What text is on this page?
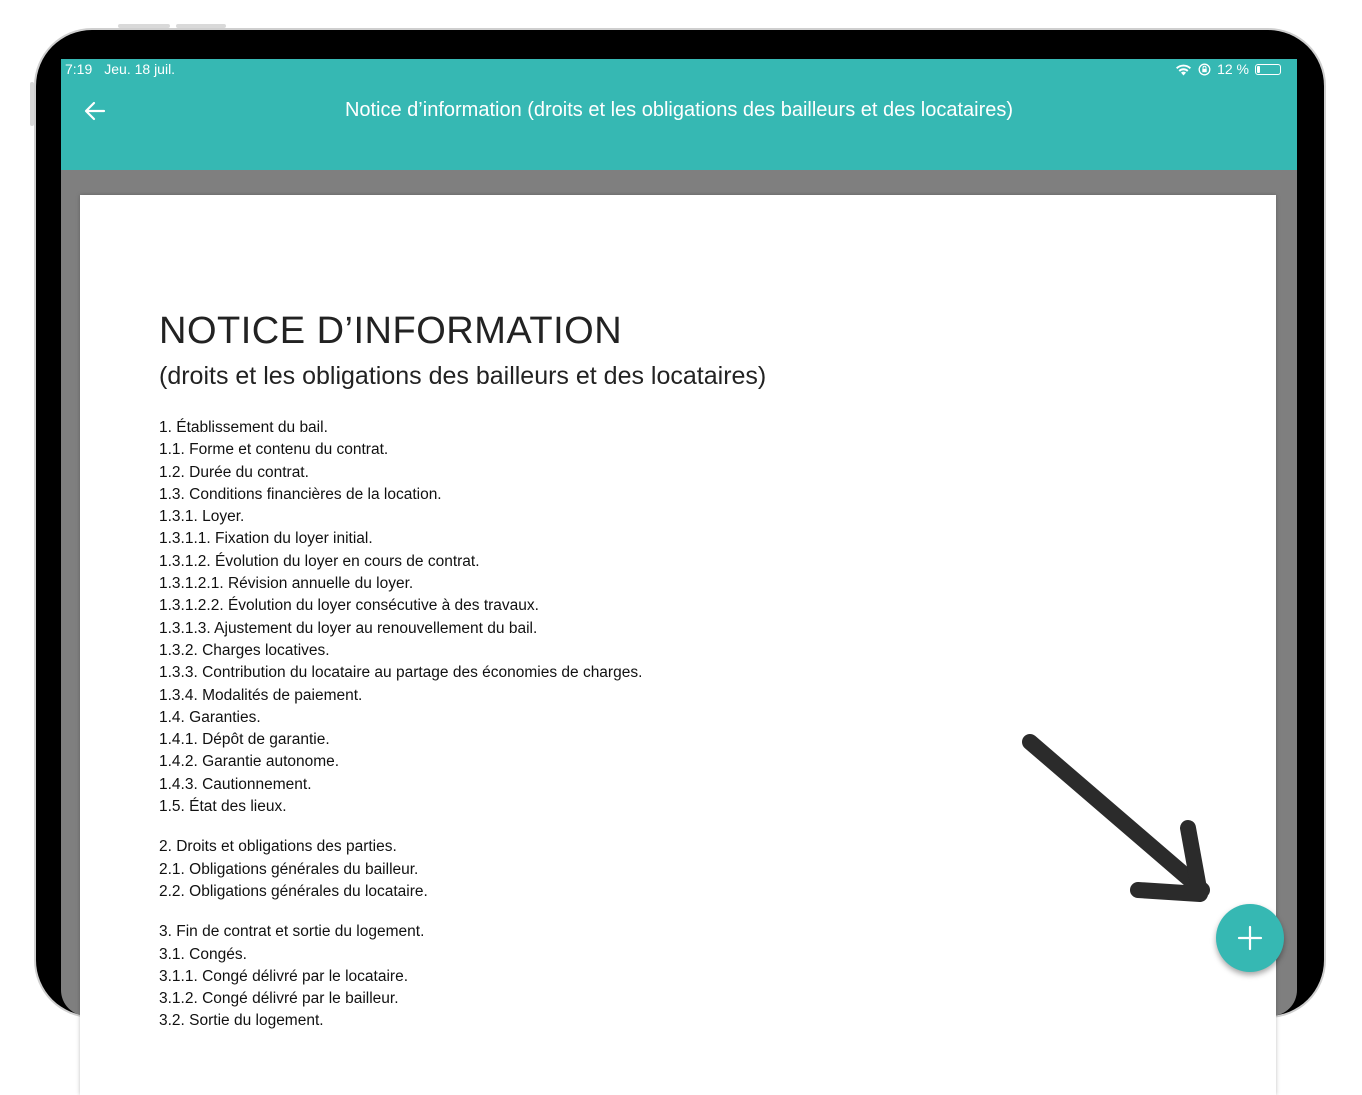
7:19 Jeu. 18 juil.	12 %
Notice d’information (droits et les obligations des bailleurs et des locataires)
NOTICE D’INFORMATION
(droits et les obligations des bailleurs et des locataires)
1. Établissement du bail.
1.1. Forme et contenu du contrat.
1.2. Durée du contrat.
1.3. Conditions financières de la location.
1.3.1. Loyer.
1.3.1.1. Fixation du loyer initial.
1.3.1.2. Évolution du loyer en cours de contrat.
1.3.1.2.1. Révision annuelle du loyer.
1.3.1.2.2. Évolution du loyer consécutive à des travaux.
1.3.1.3. Ajustement du loyer au renouvellement du bail.
1.3.2. Charges locatives.
1.3.3. Contribution du locataire au partage des économies de charges.
1.3.4. Modalités de paiement.
1.4. Garanties.
1.4.1. Dépôt de garantie.
1.4.2. Garantie autonome.
1.4.3. Cautionnement.
1.5. État des lieux.
2. Droits et obligations des parties.
2.1. Obligations générales du bailleur.
2.2. Obligations générales du locataire.
3. Fin de contrat et sortie du logement.
3.1. Congés.
3.1.1. Congé délivré par le locataire.
3.1.2. Congé délivré par le bailleur.
3.2. Sortie du logement.
